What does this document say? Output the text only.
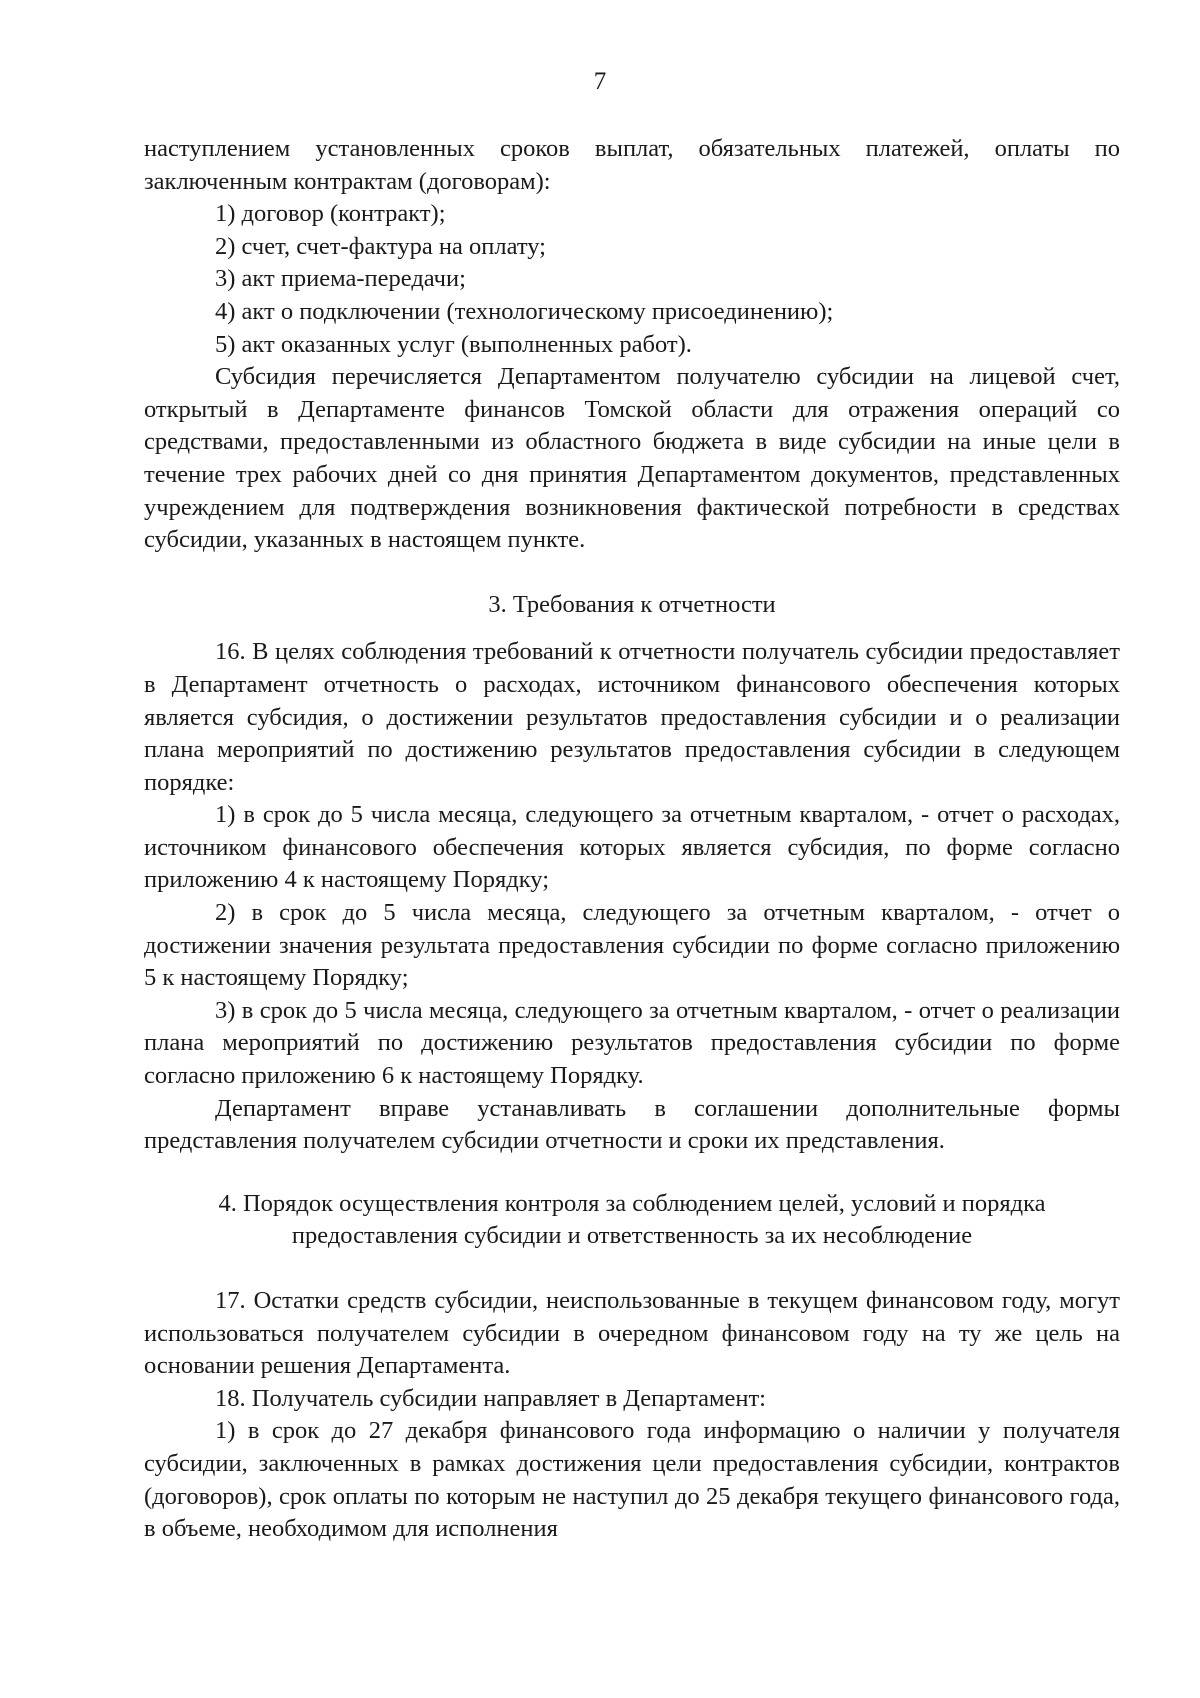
7

наступлением установленных сроков выплат, обязательных платежей, оплаты по заключенным контрактам (договорам):

1) договор (контракт);

2) счет, счет-фактура на оплату;

3) акт приема-передачи;

4) акт о подключении (технологическому присоединению);

5) акт оказанных услуг (выполненных работ).

Субсидия перечисляется Департаментом получателю субсидии на лицевой счет, открытый в Департаменте финансов Томской области для отражения операций со средствами, предоставленными из областного бюджета в виде субсидии на иные цели в течение трех рабочих дней со дня принятия Департаментом документов, представленных учреждением для подтверждения возникновения фактической потребности в средствах субсидии, указанных в настоящем пункте.

3. Требования к отчетности

16. В целях соблюдения требований к отчетности получатель субсидии предоставляет в Департамент отчетность о расходах, источником финансового обеспечения которых является субсидия, о достижении результатов предоставления субсидии и о реализации плана мероприятий по достижению результатов предоставления субсидии в следующем порядке:

1) в срок до 5 числа месяца, следующего за отчетным кварталом, - отчет о расходах, источником финансового обеспечения которых является субсидия, по форме согласно приложению 4 к настоящему Порядку;

2) в срок до 5 числа месяца, следующего за отчетным кварталом, - отчет о достижении значения результата предоставления субсидии по форме согласно приложению 5 к настоящему Порядку;

3) в срок до 5 числа месяца, следующего за отчетным кварталом, - отчет о реализации плана мероприятий по достижению результатов предоставления субсидии по форме согласно приложению 6 к настоящему Порядку.

Департамент вправе устанавливать в соглашении дополнительные формы представления получателем субсидии отчетности и сроки их представления.

4. Порядок осуществления контроля за соблюдением целей, условий и порядка
предоставления субсидии и ответственность за их несоблюдение

17. Остатки средств субсидии, неиспользованные в текущем финансовом году, могут использоваться получателем субсидии в очередном финансовом году на ту же цель на основании решения Департамента.

18. Получатель субсидии направляет в Департамент:

1) в срок до 27 декабря финансового года информацию о наличии у получателя субсидии, заключенных в рамках достижения цели предоставления субсидии, контрактов (договоров), срок оплаты по которым не наступил до 25 декабря текущего финансового года, в объеме, необходимом для исполнения
